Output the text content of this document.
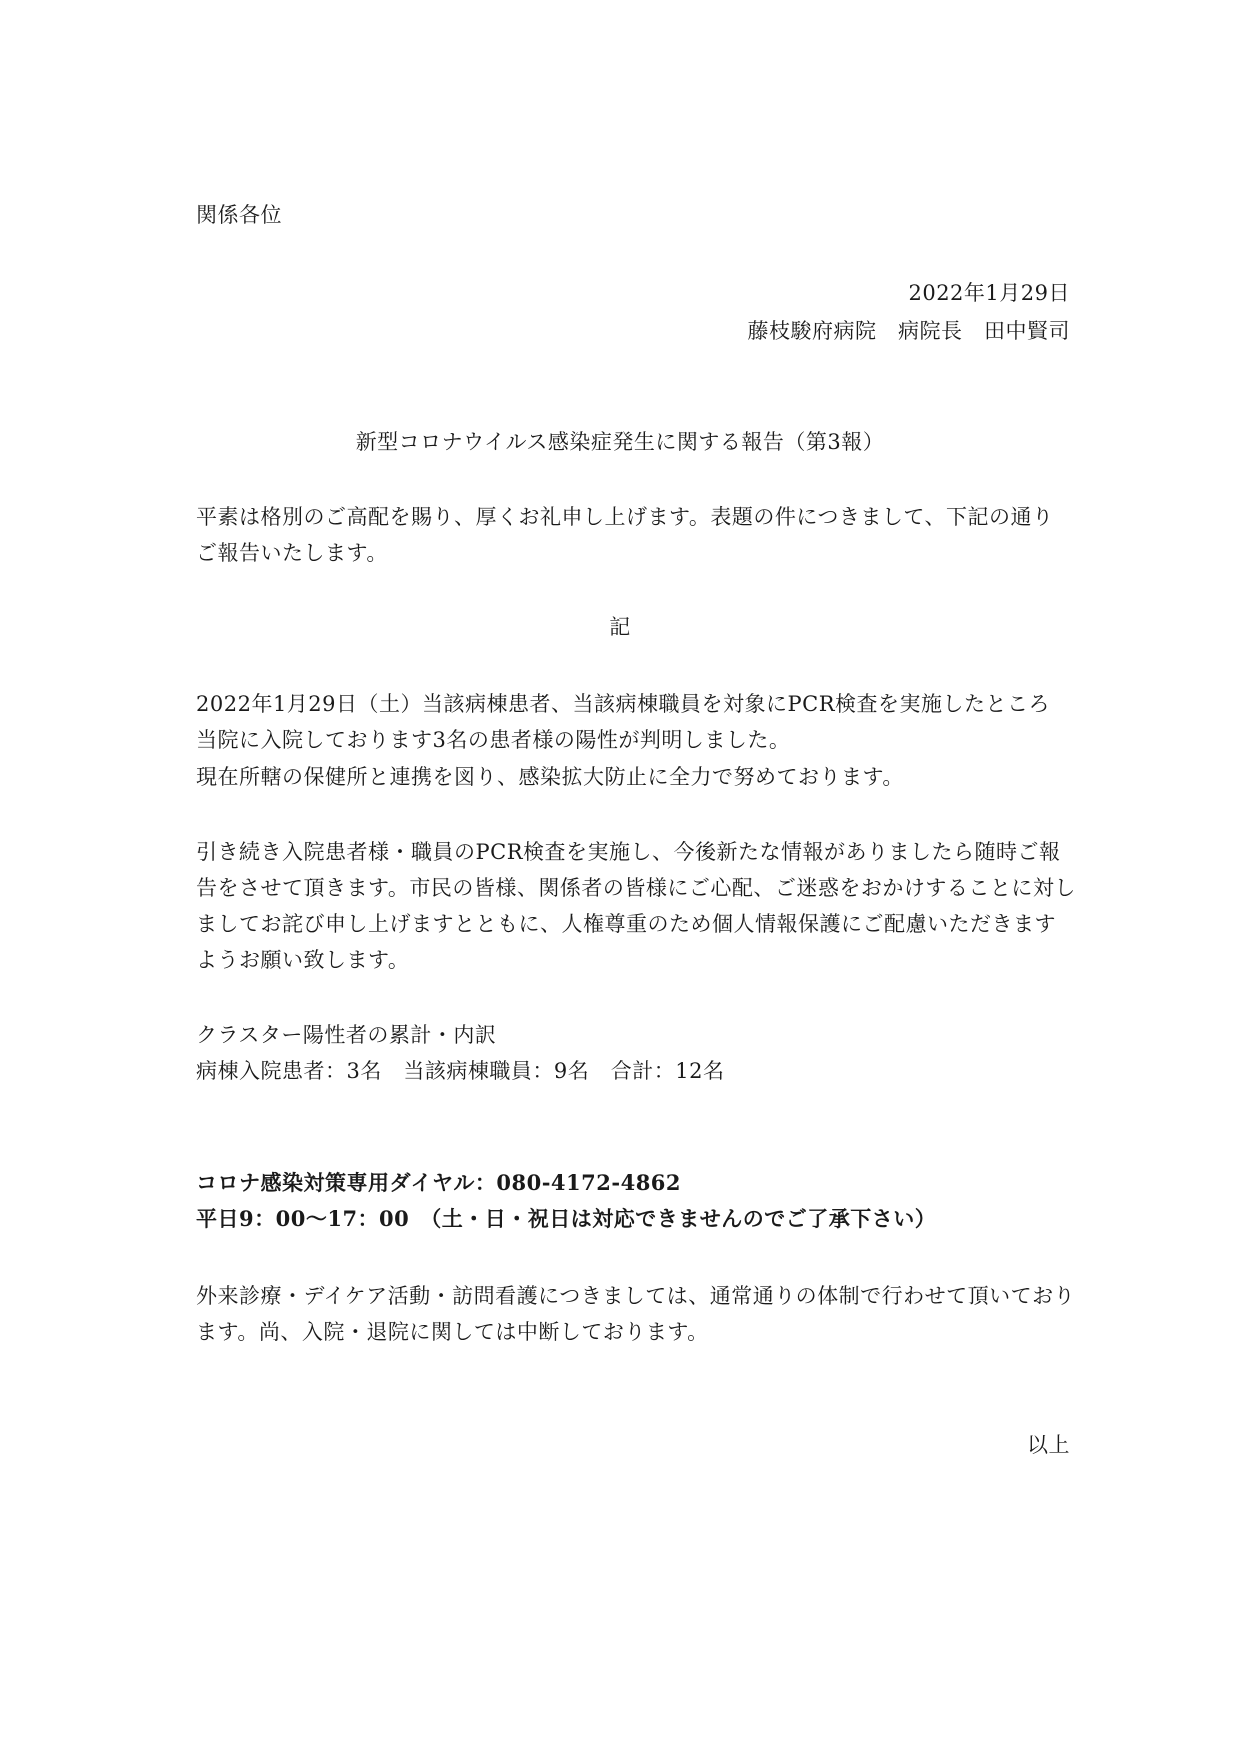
関係各位
2022年1月29日
藤枝駿府病院　病院長　田中賢司
新型コロナウイルス感染症発生に関する報告（第3報）
平素は格別のご高配を賜り、厚くお礼申し上げます。表題の件につきまして、下記の通り
ご報告いたします。
記
2022年1月29日（土）当該病棟患者、当該病棟職員を対象にPCR検査を実施したところ
当院に入院しております3名の患者様の陽性が判明しました。
現在所轄の保健所と連携を図り、感染拡大防止に全力で努めております。
引き続き入院患者様・職員のPCR検査を実施し、今後新たな情報がありましたら随時ご報
告をさせて頂きます。市民の皆様、関係者の皆様にご心配、ご迷惑をおかけすることに対し
ましてお詫び申し上げますとともに、人権尊重のため個人情報保護にご配慮いただきます
ようお願い致します。
クラスター陽性者の累計・内訳
病棟入院患者：3名　当該病棟職員：9名　合計：12名
コロナ感染対策専用ダイヤル：080-4172-4862
平日9：00〜17：00　（土・日・祝日は対応できませんのでご了承下さい）
外来診療・デイケア活動・訪問看護につきましては、通常通りの体制で行わせて頂いており
ます。尚、入院・退院に関しては中断しております。
以上
